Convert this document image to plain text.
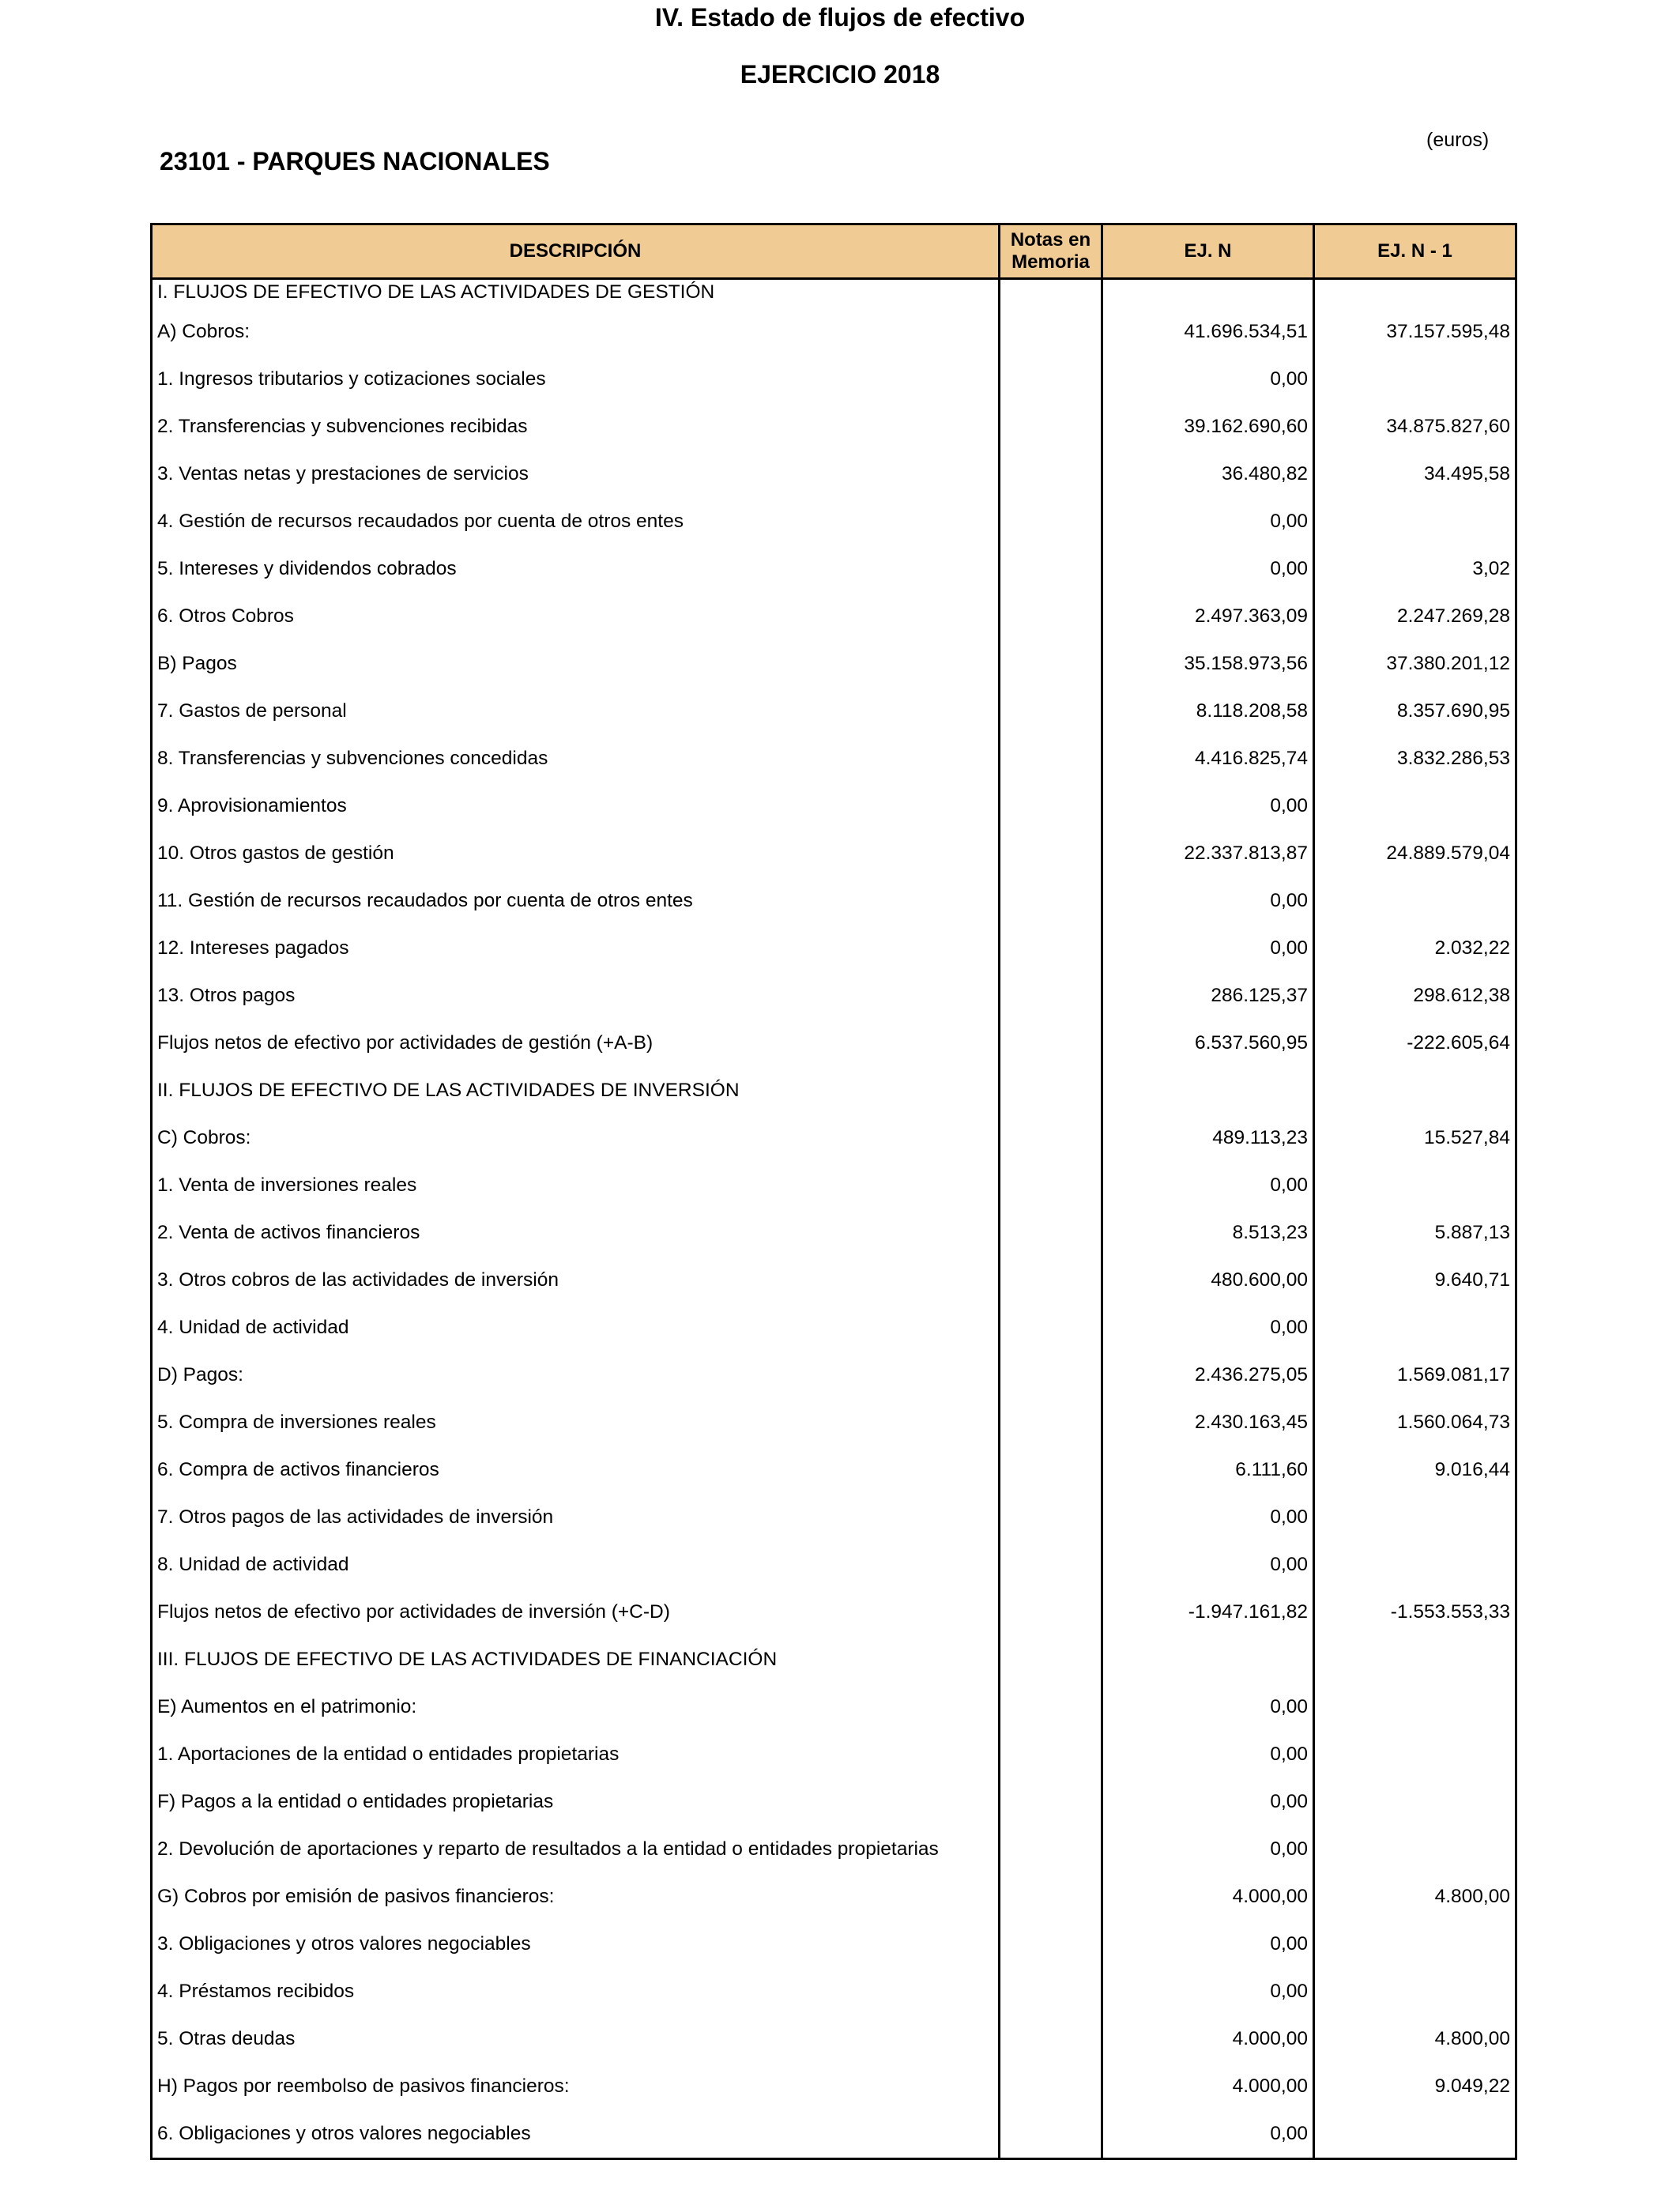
IV. Estado de flujos de efectivo
EJERCICIO 2018
23101 - PARQUES NACIONALES
(euros)
DESCRIPCIÓN	Notas en Memoria	EJ. N	EJ. N - 1
I. FLUJOS DE EFECTIVO DE LAS ACTIVIDADES DE GESTIÓN			
A) Cobros:		41.696.534,51	37.157.595,48
1. Ingresos tributarios y cotizaciones sociales		0,00	
2. Transferencias y subvenciones recibidas		39.162.690,60	34.875.827,60
3. Ventas netas y prestaciones de servicios		36.480,82	34.495,58
4. Gestión de recursos recaudados por cuenta de otros entes		0,00	
5. Intereses y dividendos cobrados		0,00	3,02
6. Otros Cobros		2.497.363,09	2.247.269,28
B) Pagos		35.158.973,56	37.380.201,12
7. Gastos de personal		8.118.208,58	8.357.690,95
8. Transferencias y subvenciones concedidas		4.416.825,74	3.832.286,53
9. Aprovisionamientos		0,00	
10. Otros gastos de gestión		22.337.813,87	24.889.579,04
11. Gestión de recursos recaudados por cuenta de otros entes		0,00	
12. Intereses pagados		0,00	2.032,22
13. Otros pagos		286.125,37	298.612,38
Flujos netos de efectivo por actividades de gestión (+A-B)		6.537.560,95	-222.605,64
II. FLUJOS DE EFECTIVO DE LAS ACTIVIDADES DE INVERSIÓN			
C) Cobros:		489.113,23	15.527,84
1. Venta de inversiones reales		0,00	
2. Venta de activos financieros		8.513,23	5.887,13
3. Otros cobros de las actividades de inversión		480.600,00	9.640,71
4. Unidad de actividad		0,00	
D) Pagos:		2.436.275,05	1.569.081,17
5. Compra de inversiones reales		2.430.163,45	1.560.064,73
6. Compra de activos financieros		6.111,60	9.016,44
7. Otros pagos de las actividades de inversión		0,00	
8. Unidad de actividad		0,00	
Flujos netos de efectivo por actividades de inversión (+C-D)		-1.947.161,82	-1.553.553,33
III. FLUJOS DE EFECTIVO DE LAS ACTIVIDADES DE FINANCIACIÓN			
E) Aumentos en el patrimonio:		0,00	
1. Aportaciones de la entidad o entidades propietarias		0,00	
F) Pagos a la entidad o entidades propietarias		0,00	
2. Devolución de aportaciones y reparto de resultados a la entidad o entidades propietarias		0,00	
G) Cobros por emisión de pasivos financieros:		4.000,00	4.800,00
3. Obligaciones y otros valores negociables		0,00	
4. Préstamos recibidos		0,00	
5. Otras deudas		4.000,00	4.800,00
H) Pagos por reembolso de pasivos financieros:		4.000,00	9.049,22
6. Obligaciones y otros valores negociables		0,00	
